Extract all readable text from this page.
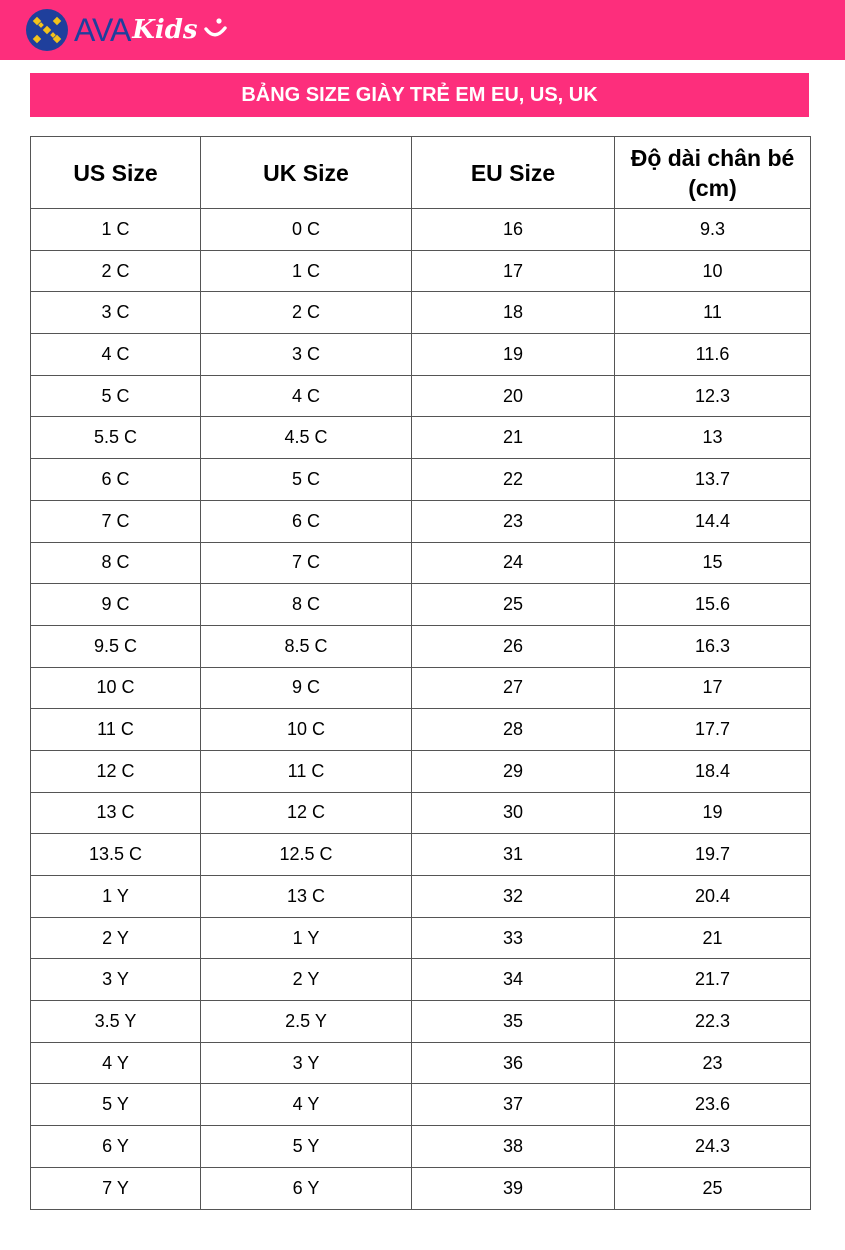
AVA Kids
BẢNG SIZE GIÀY TRẺ EM EU, US, UK
US Size	UK Size	EU Size	Độ dài chân bé (cm)
1 C	0 C	16	9.3
2 C	1 C	17	10
3 C	2 C	18	11
4 C	3 C	19	11.6
5 C	4 C	20	12.3
5.5 C	4.5 C	21	13
6 C	5 C	22	13.7
7 C	6 C	23	14.4
8 C	7 C	24	15
9 C	8 C	25	15.6
9.5 C	8.5 C	26	16.3
10 C	9 C	27	17
11 C	10 C	28	17.7
12 C	11 C	29	18.4
13 C	12 C	30	19
13.5 C	12.5 C	31	19.7
1 Y	13 C	32	20.4
2 Y	1 Y	33	21
3 Y	2 Y	34	21.7
3.5 Y	2.5 Y	35	22.3
4 Y	3 Y	36	23
5 Y	4 Y	37	23.6
6 Y	5 Y	38	24.3
7 Y	6 Y	39	25
